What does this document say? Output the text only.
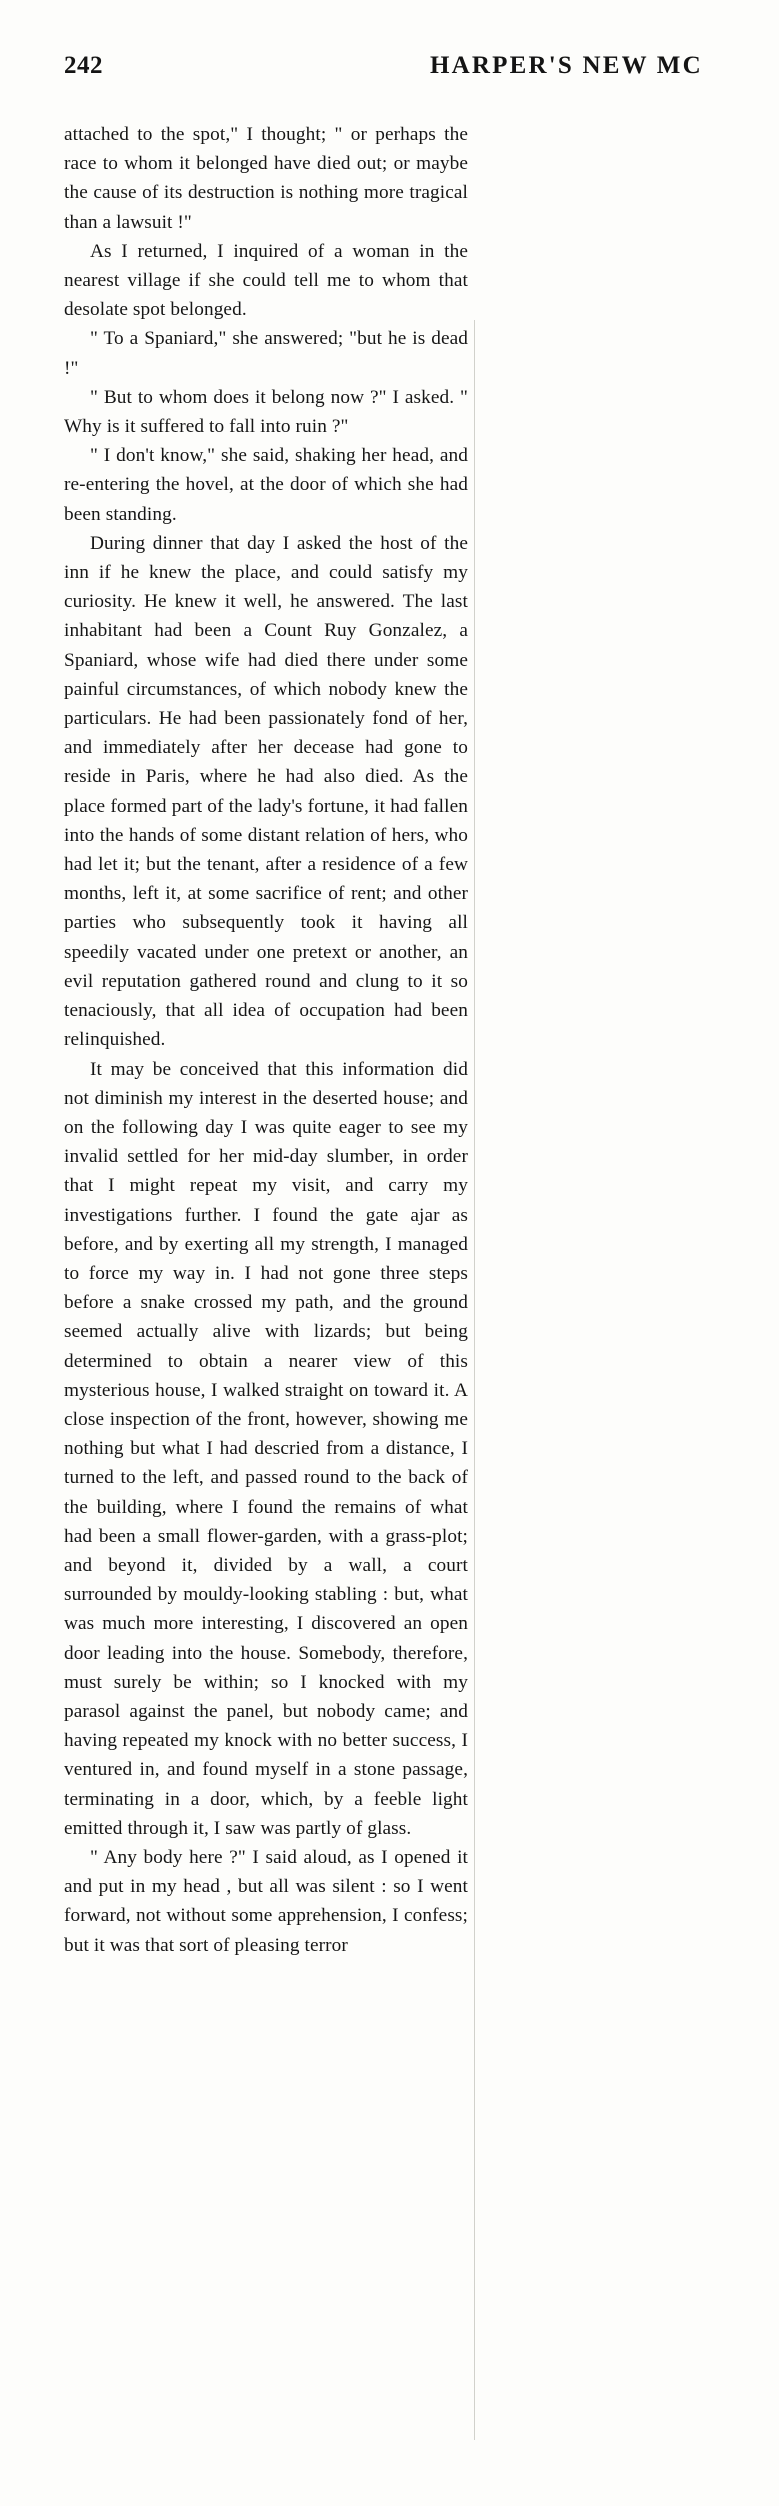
242	HARPER'S NEW MC

attached to the spot," I thought; " or perhaps the race to whom it belonged have died out; or maybe the cause of its destruction is nothing more tragical than a lawsuit !"

As I returned, I inquired of a woman in the nearest village if she could tell me to whom that desolate spot belonged.

" To a Spaniard," she answered; "but he is dead !"

" But to whom does it belong now ?" I asked. " Why is it suffered to fall into ruin ?"

" I don't know," she said, shaking her head, and re-entering the hovel, at the door of which she had been standing.

During dinner that day I asked the host of the inn if he knew the place, and could satisfy my curiosity. He knew it well, he answered. The last inhabitant had been a Count Ruy Gonzalez, a Spaniard, whose wife had died there under some painful circumstances, of which nobody knew the particulars. He had been passionately fond of her, and immediately after her decease had gone to reside in Paris, where he had also died. As the place formed part of the lady's fortune, it had fallen into the hands of some distant relation of hers, who had let it; but the tenant, after a residence of a few months, left it, at some sacrifice of rent; and other parties who subsequently took it having all speedily vacated under one pretext or another, an evil reputation gathered round and clung to it so tenaciously, that all idea of occupation had been relinquished.

It may be conceived that this information did not diminish my interest in the deserted house; and on the following day I was quite eager to see my invalid settled for her mid-day slumber, in order that I might repeat my visit, and carry my investigations further. I found the gate ajar as before, and by exerting all my strength, I managed to force my way in. I had not gone three steps before a snake crossed my path, and the ground seemed actually alive with lizards; but being determined to obtain a nearer view of this mysterious house, I walked straight on toward it. A close inspection of the front, however, showing me nothing but what I had descried from a distance, I turned to the left, and passed round to the back of the building, where I found the remains of what had been a small flower-garden, with a grass-plot; and beyond it, divided by a wall, a court surrounded by mouldy-looking stabling : but, what was much more interesting, I discovered an open door leading into the house. Somebody, therefore, must surely be within; so I knocked with my parasol against the panel, but nobody came; and having repeated my knock with no better success, I ventured in, and found myself in a stone passage, terminating in a door, which, by a feeble light emitted through it, I saw was partly of glass.

" Any body here ?" I said aloud, as I opened it and put in my head , but all was silent : so I went forward, not without some apprehension, I confess; but it was that sort of pleasing terror
